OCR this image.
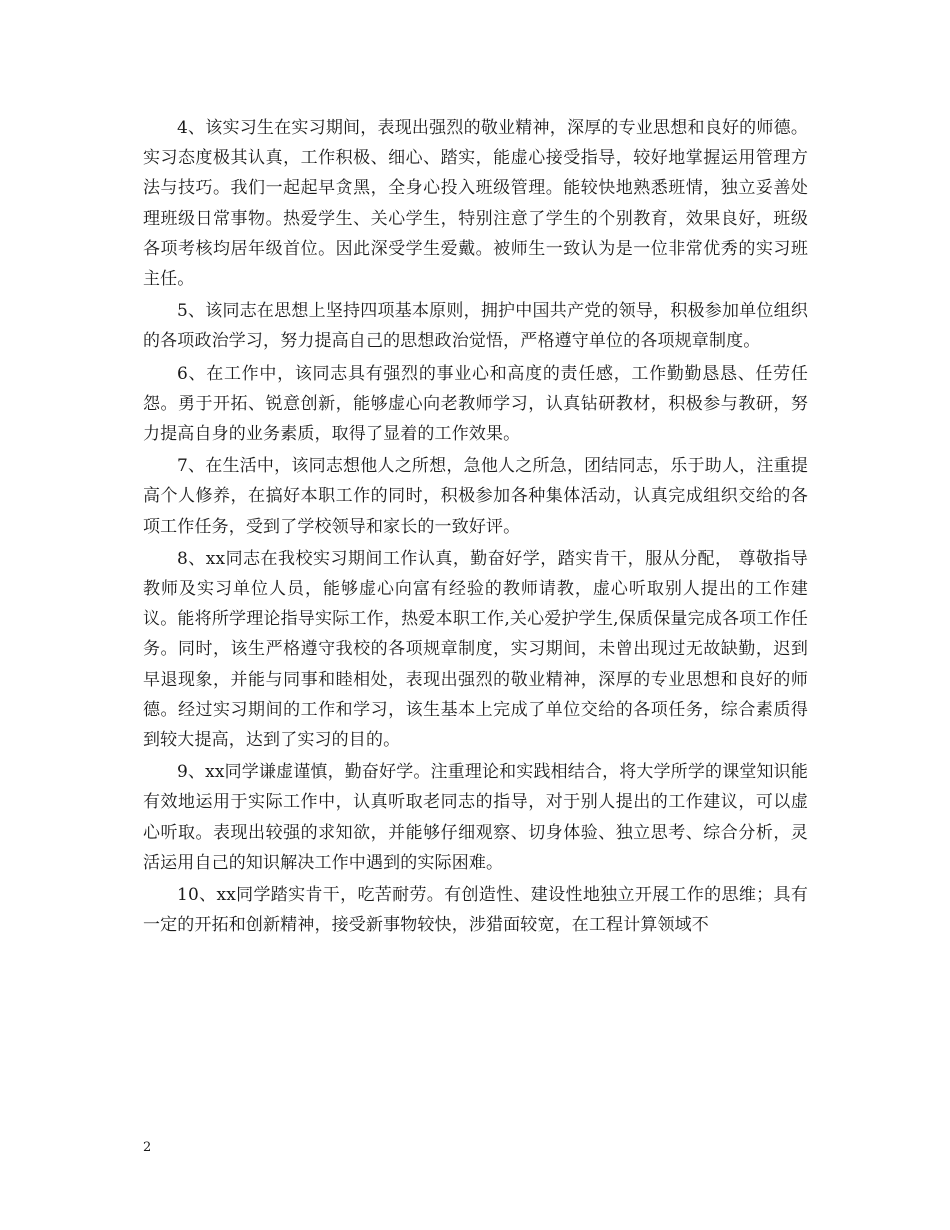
4、该实习生在实习期间，表现出强烈的敬业精神，深厚的专业思想和良好的师德。实习态度极其认真，工作积极、细心、踏实，能虚心接受指导，较好地掌握运用管理方法与技巧。我们一起起早贪黑，全身心投入班级管理。能较快地熟悉班情，独立妥善处理班级日常事物。热爱学生、关心学生，特别注意了学生的个别教育，效果良好，班级各项考核均居年级首位。因此深受学生爱戴。被师生一致认为是一位非常优秀的实习班主任。

5、该同志在思想上坚持四项基本原则，拥护中国共产党的领导，积极参加单位组织的各项政治学习，努力提高自己的思想政治觉悟，严格遵守单位的各项规章制度。

6、在工作中，该同志具有强烈的事业心和高度的责任感，工作勤勤恳恳、任劳任怨。勇于开拓、锐意创新，能够虚心向老教师学习，认真钻研教材，积极参与教研，努力提高自身的业务素质，取得了显着的工作效果。

7、在生活中，该同志想他人之所想，急他人之所急，团结同志，乐于助人，注重提高个人修养，在搞好本职工作的同时，积极参加各种集体活动，认真完成组织交给的各项工作任务，受到了学校领导和家长的一致好评。

8、xx同志在我校实习期间工作认真，勤奋好学，踏实肯干，服从分配， 尊敬指导教师及实习单位人员，能够虚心向富有经验的教师请教，虚心听取别人提出的工作建议。能将所学理论指导实际工作，热爱本职工作,关心爱护学生,保质保量完成各项工作任务。同时，该生严格遵守我校的各项规章制度，实习期间，未曾出现过无故缺勤，迟到早退现象，并能与同事和睦相处，表现出强烈的敬业精神，深厚的专业思想和良好的师德。经过实习期间的工作和学习，该生基本上完成了单位交给的各项任务，综合素质得到较大提高，达到了实习的目的。

9、xx同学谦虚谨慎，勤奋好学。注重理论和实践相结合，将大学所学的课堂知识能有效地运用于实际工作中，认真听取老同志的指导，对于别人提出的工作建议，可以虚心听取。表现出较强的求知欲，并能够仔细观察、切身体验、独立思考、综合分析，灵活运用自己的知识解决工作中遇到的实际困难。

10、xx同学踏实肯干，吃苦耐劳。有创造性、建设性地独立开展工作的思维；具有一定的开拓和创新精神，接受新事物较快，涉猎面较宽，在工程计算领域不

2
